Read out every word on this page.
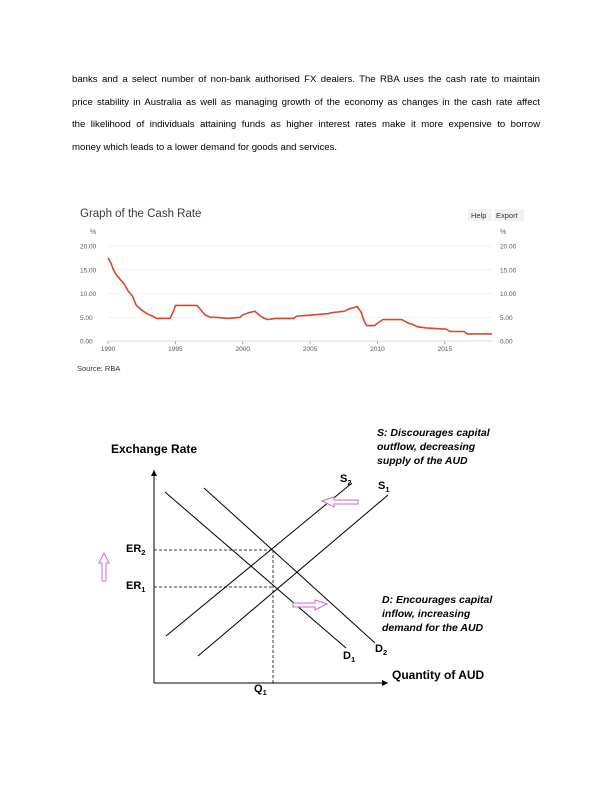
banks and a select number of non-bank authorised FX dealers. The RBA uses the cash rate to maintain
price stability in Australia as well as managing growth of the economy as changes in the cash rate affect
the likelihood of individuals attaining funds as higher interest rates make it more expensive to borrow
money which leads to a lower demand for goods and services.
Graph of the Cash Rate	Help Export
%	%
20.00	20.00
15.00	15.00
10.00	10.00
5.00	5.00
0.00	0.00
1990	1995	2000	2005	2010	2015
Source: RBA
Exchange Rate
Quantity of AUD
$ER_2$
$ER_1$
$Q_1$
$S_2$ $S_1$
$D_1$
$D_2$
S: Discourages capital outflow, decreasing supply of the AUD
D: Encourages capital inflow, increasing demand for the AUD
